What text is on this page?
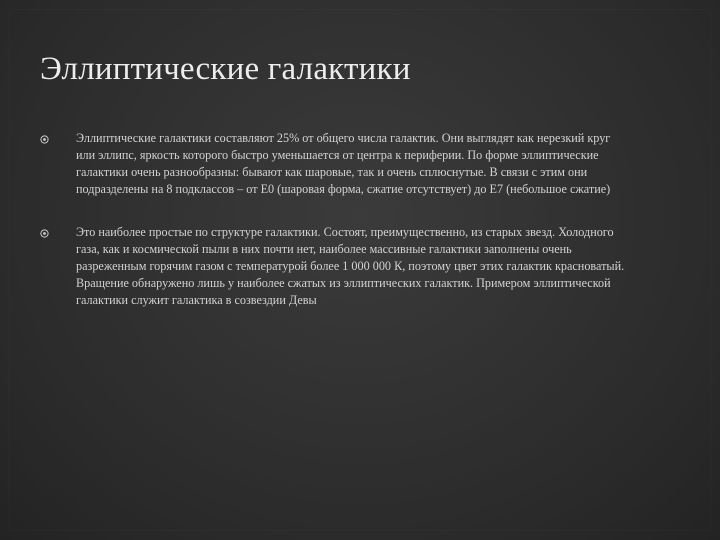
Эллиптические галактики

Эллиптические галактики составляют 25% от общего числа галактик. Они выглядят как нерезкий круг или эллипс, яркость которого быстро уменьшается от центра к периферии. По форме эллиптические галактики очень разнообразны: бывают как шаровые, так и очень сплюснутые. В связи с этим они подразделены на 8 подклассов – от E0 (шаровая форма, сжатие отсутствует) до E7 (небольшое сжатие)

Это наиболее простые по структуре галактики. Состоят, преимущественно, из старых звезд. Холодного газа, как и космической пыли в них почти нет, наиболее массивные галактики заполнены очень разреженным горячим газом с температурой более 1 000 000 К, поэтому цвет этих галактик красноватый. Вращение обнаружено лишь у наиболее сжатых из эллиптических галактик. Примером эллиптической галактики служит галактика в созвездии Девы
